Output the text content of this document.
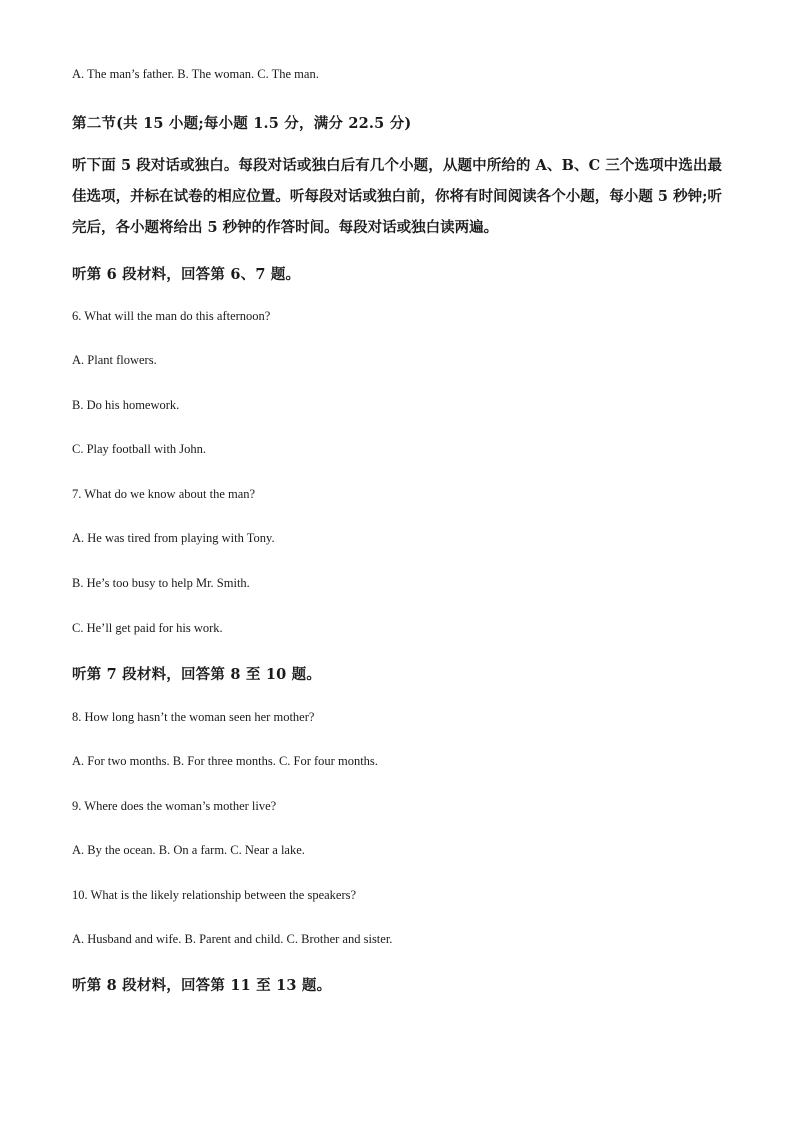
A. The man’s father. B. The woman. C. The man.
第二节(共 15 小题;每小题 1.5 分，满分 22.5 分)
听下面 5 段对话或独白。每段对话或独白后有几个小题，从题中所给的 A、B、C 三个选项中选出最佳选项，并标在试卷的相应位置。听每段对话或独白前，你将有时间阅读各个小题，每小题 5 秒钟;听完后，各小题将给出 5 秒钟的作答时间。每段对话或独白读两遍。
听第 6 段材料，回答第 6、7 题。
6. What will the man do this afternoon?
A. Plant flowers.
B. Do his homework.
C. Play football with John.
7. What do we know about the man?
A. He was tired from playing with Tony.
B. He’s too busy to help Mr. Smith.
C. He’ll get paid for his work.
听第 7 段材料，回答第 8 至 10 题。
8. How long hasn’t the woman seen her mother?
A. For two months. B. For three months. C. For four months.
9. Where does the woman’s mother live?
A. By the ocean. B. On a farm. C. Near a lake.
10. What is the likely relationship between the speakers?
A. Husband and wife. B. Parent and child. C. Brother and sister.
听第 8 段材料，回答第 11 至 13 题。
